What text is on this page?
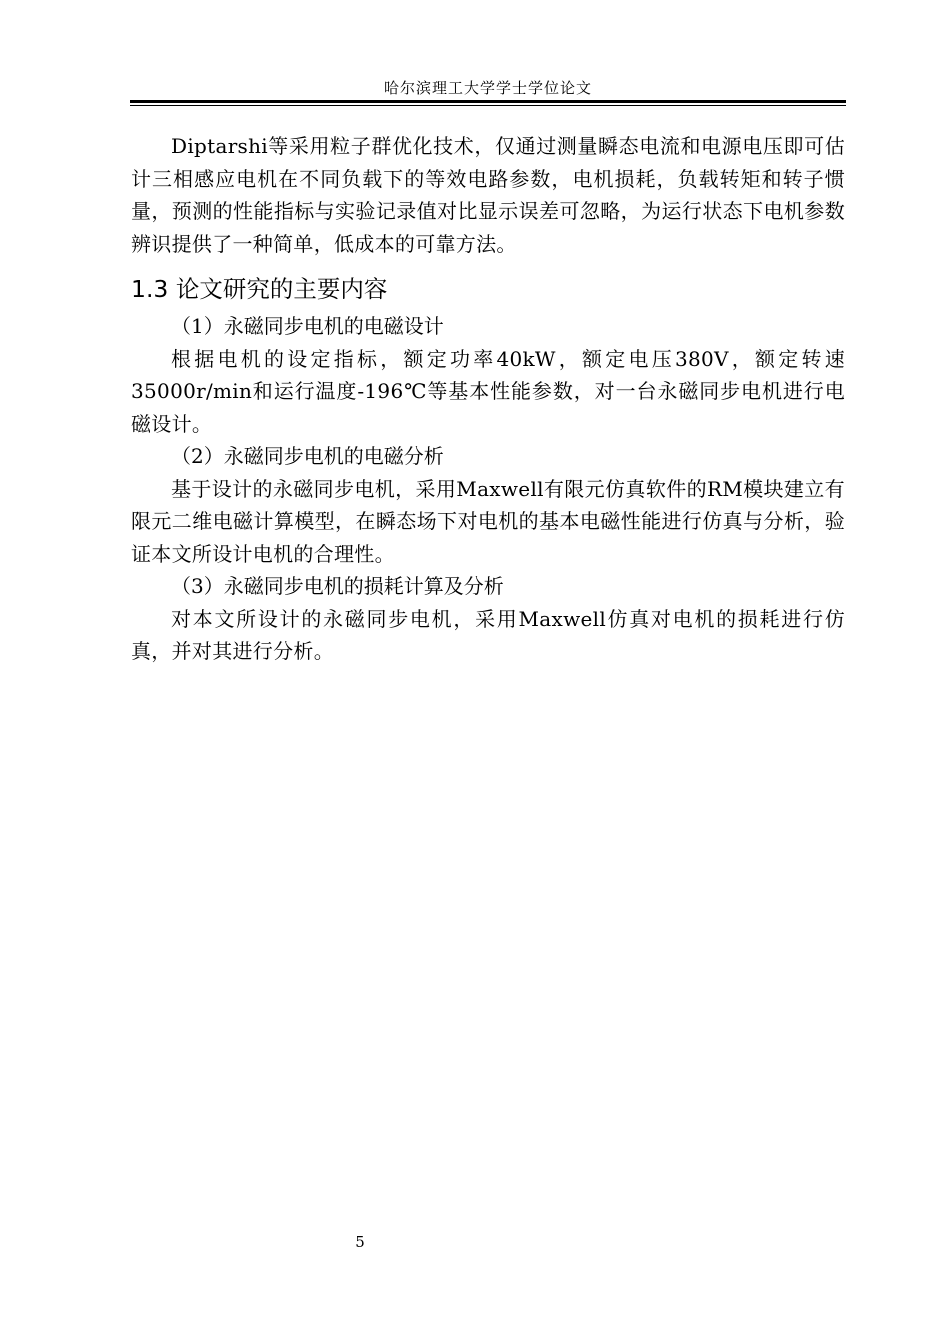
哈尔滨理工大学学士学位论文

Diptarshi等采用粒子群优化技术，仅通过测量瞬态电流和电源电压即可估计三相感应电机在不同负载下的等效电路参数，电机损耗，负载转矩和转子惯量，预测的性能指标与实验记录值对比显示误差可忽略，为运行状态下电机参数辨识提供了一种简单，低成本的可靠方法。

1.3 论文研究的主要内容

（1）永磁同步电机的电磁设计

根据电机的设定指标，额定功率40kW，额定电压380V，额定转速35000r/min和运行温度-196℃等基本性能参数，对一台永磁同步电机进行电磁设计。

（2）永磁同步电机的电磁分析

基于设计的永磁同步电机，采用Maxwell有限元仿真软件的RM模块建立有限元二维电磁计算模型，在瞬态场下对电机的基本电磁性能进行仿真与分析，验证本文所设计电机的合理性。

（3）永磁同步电机的损耗计算及分析

对本文所设计的永磁同步电机，采用Maxwell仿真对电机的损耗进行仿真，并对其进行分析。

5
